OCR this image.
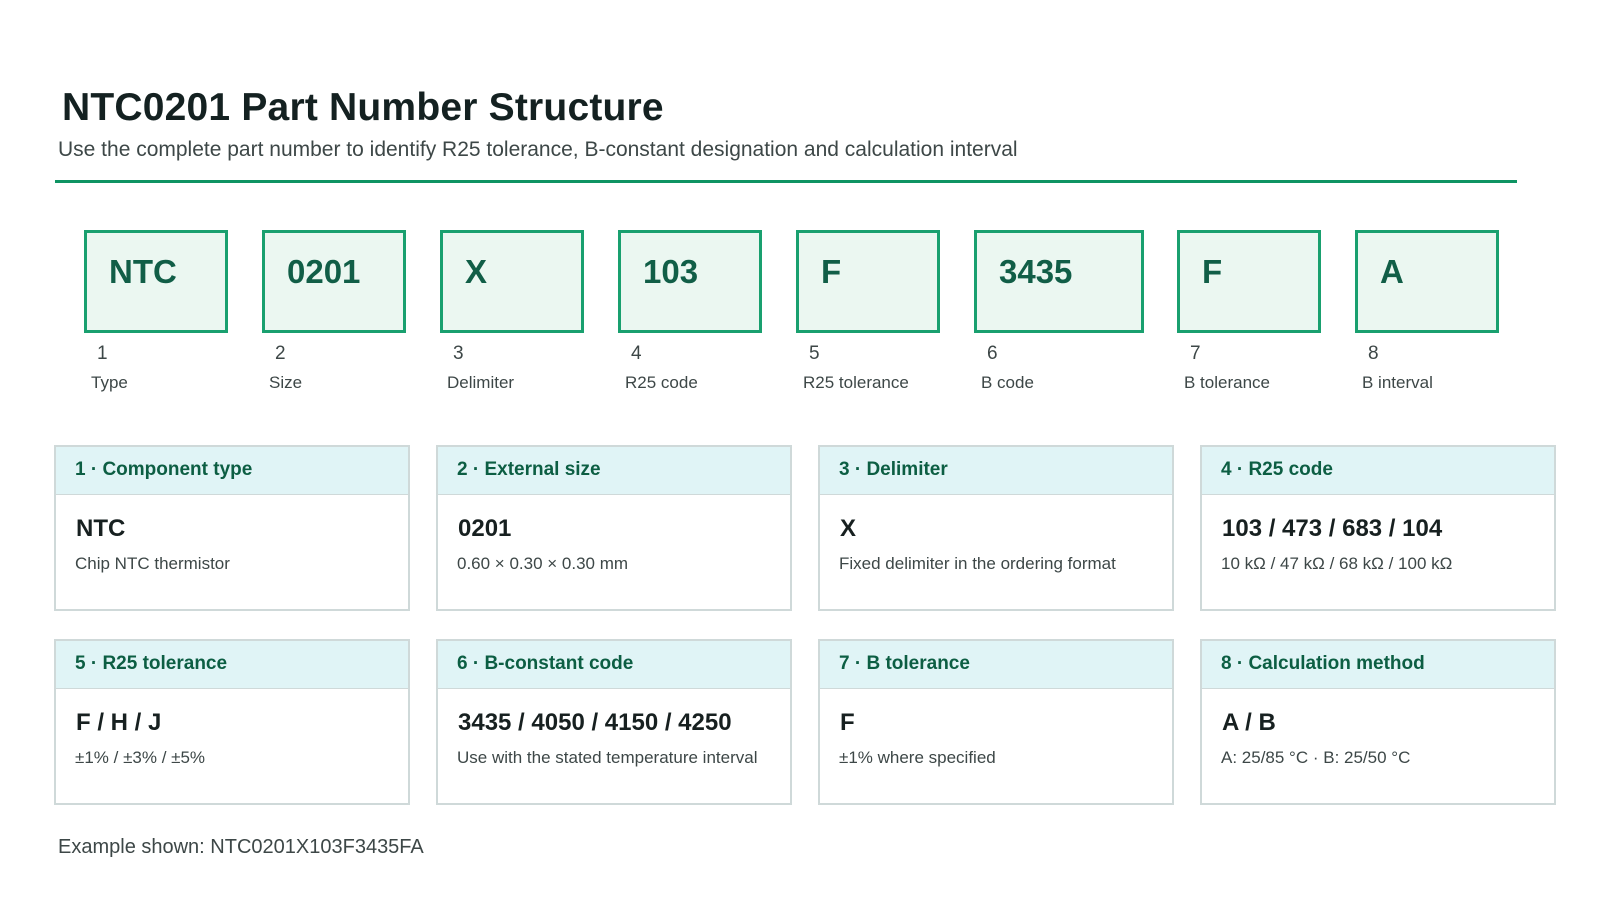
NTC0201 Part Number Structure
Use the complete part number to identify R25 tolerance, B-constant designation and calculation interval
NTC
1
Type
0201
2
Size
X
3
Delimiter
103
4
R25 code
F
5
R25 tolerance
3435
6
B code
F
7
B tolerance
A
8
B interval
1 · Component type
NTC
Chip NTC thermistor
2 · External size
0201
0.60 × 0.30 × 0.30 mm
3 · Delimiter
X
Fixed delimiter in the ordering format
4 · R25 code
103 / 473 / 683 / 104
10 kΩ / 47 kΩ / 68 kΩ / 100 kΩ
5 · R25 tolerance
F / H / J
±1% / ±3% / ±5%
6 · B-constant code
3435 / 4050 / 4150 / 4250
Use with the stated temperature interval
7 · B tolerance
F
±1% where specified
8 · Calculation method
A / B
A: 25/85 °C · B: 25/50 °C
Example shown: NTC0201X103F3435FA
